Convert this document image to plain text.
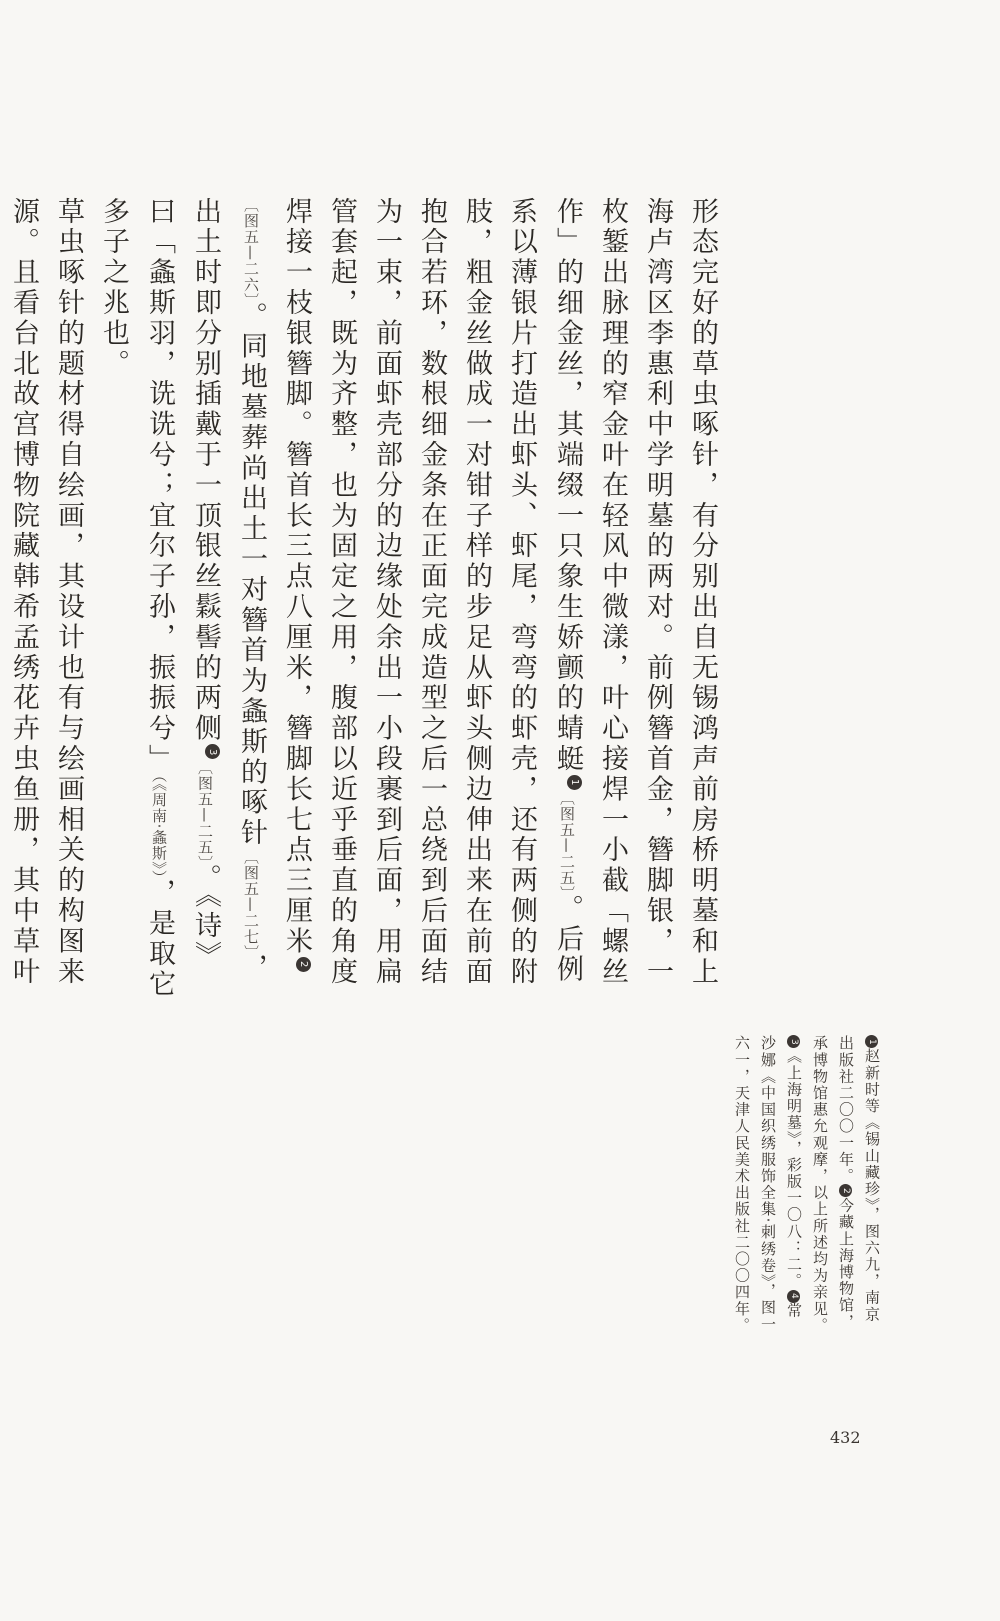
形态完好的草虫啄针，有分别出自无锡鸿声前房桥明墓和上海卢湾区李惠利中学明墓的两对。前例簪首金，簪脚银，一枚錾出脉理的窄金叶在轻风中微漾，叶心接焊一小截「螺丝作」的细金丝，其端缀一只象生娇颤的蜻蜓1〔图五—二五〕。后例系以薄银片打造出虾头、虾尾，弯弯的虾壳，还有两侧的附肢，粗金丝做成一对钳子样的步足从虾头侧边伸出来在前面抱合若环，数根细金条在正面完成造型之后一总绕到后面结为一束，前面虾壳部分的边缘处余出一小段裹到后面，用扁管套起，既为齐整，也为固定之用，腹部以近乎垂直的角度焊接一枝银簪脚。簪首长三点八厘米，簪脚长七点三厘米2〔图五—二六〕。同地墓葬尚出土一对簪首为螽斯的啄针〔图五—二七〕，出土时即分别插戴于一顶银丝鬏髻的两侧3〔图五—二五〕。《诗》曰「螽斯羽，诜诜兮；宜尔子孙，振振兮」（《周南·螽斯》），是取它多子之兆也。

草虫啄针的题材得自绘画，其设计也有与绘画相关的构图来源。且看台北故宫博物院藏韩希孟绣花卉虫鱼册，其中草叶

1赵新时等《锡山藏珍》，图六九，南京出版社二〇〇一年。2今藏上海博物馆，承博物馆惠允观摩，以上所述均为亲见。

3《上海明墓》，彩版一〇八：二。4常沙娜《中国织绣服饰全集·刺绣卷》，图一六一，天津人民美术出版社二〇〇四年。

432
